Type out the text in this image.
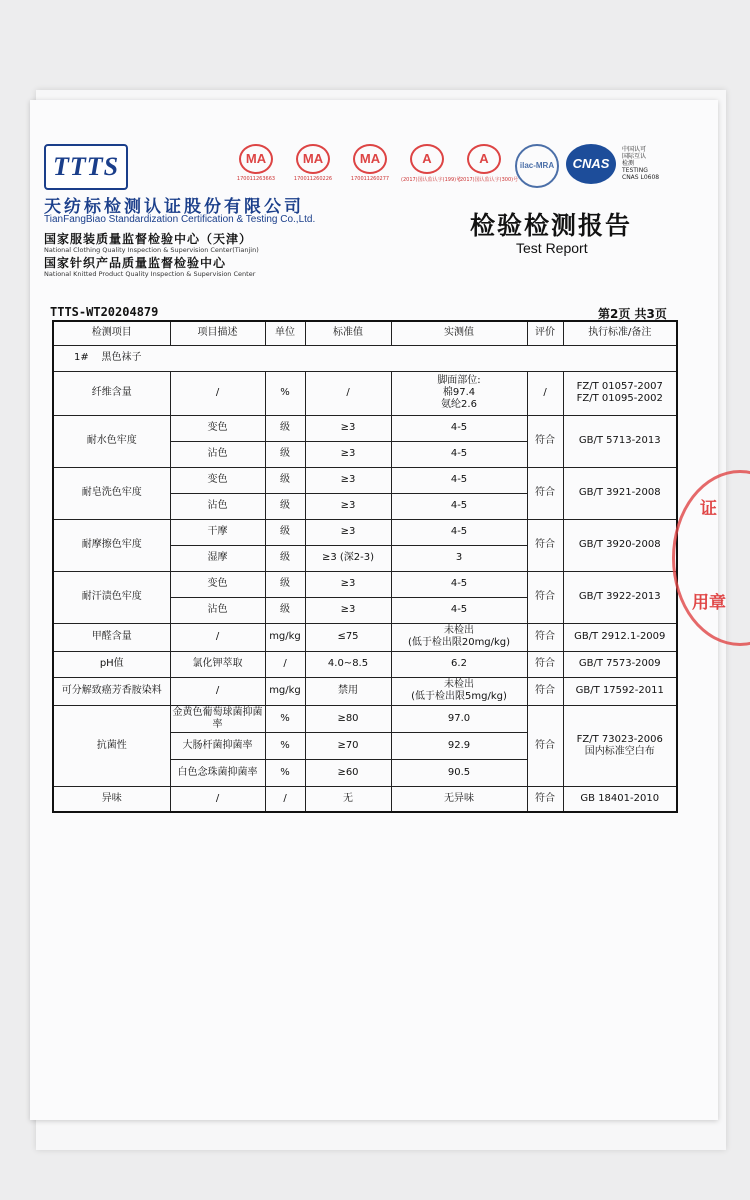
TTTS
天纺标检测认证股份有限公司
TianFangBiao Standardization Certification & Testing Co.,Ltd.
国家服装质量监督检验中心（天津）
National Clothing Quality Inspection & Supervision Center(Tianjin)
国家针织产品质量监督检验中心
National Knitted Product Quality Inspection & Supervision Center
MA
170011263663
MA
170011260226
MA
170011260277
A
(2017)国认监认字(199)号
A
(2017)国认监认字(300)号
ilac-MRA	CNAS
中国认可
国际互认
检测
TESTING
CNAS L0608
检验检测报告
Test Report
TTTS-WT20204879	第2页 共3页
检测项目	项目描述	单位	标准值	实测值	评价	执行标准/备注
1#    黑色袜子						
纤维含量	/	%	/	脚面部位:
棉97.4
氨纶2.6	/	FZ/T 01057-2007
FZ/T 01095-2002
耐水色牢度	变色	级	≥3	4-5	符合	GB/T 5713-2013
	沾色	级	≥3	4-5		
耐皂洗色牢度	变色	级	≥3	4-5	符合	GB/T 3921-2008
	沾色	级	≥3	4-5		
耐摩擦色牢度	干摩	级	≥3	4-5	符合	GB/T 3920-2008
	湿摩	级	≥3 (深2-3)	3		
耐汗渍色牢度	变色	级	≥3	4-5	符合	GB/T 3922-2013
	沾色	级	≥3	4-5		
甲醛含量	/	mg/kg	≤75	未检出
(低于检出限20mg/kg)	符合	GB/T 2912.1-2009
pH值	氯化钾萃取	/	4.0~8.5	6.2	符合	GB/T 7573-2009
可分解致癌芳香胺染料	/	mg/kg	禁用	未检出
(低于检出限5mg/kg)	符合	GB/T 17592-2011
抗菌性	金黄色葡萄球菌抑菌率	%	≥80	97.0	符合	FZ/T 73023-2006
国内标准空白布
	大肠杆菌抑菌率	%	≥70	92.9		
	白色念珠菌抑菌率	%	≥60	90.5		
异味	/	/	无	无异味	符合	GB 18401-2010
证
用章
